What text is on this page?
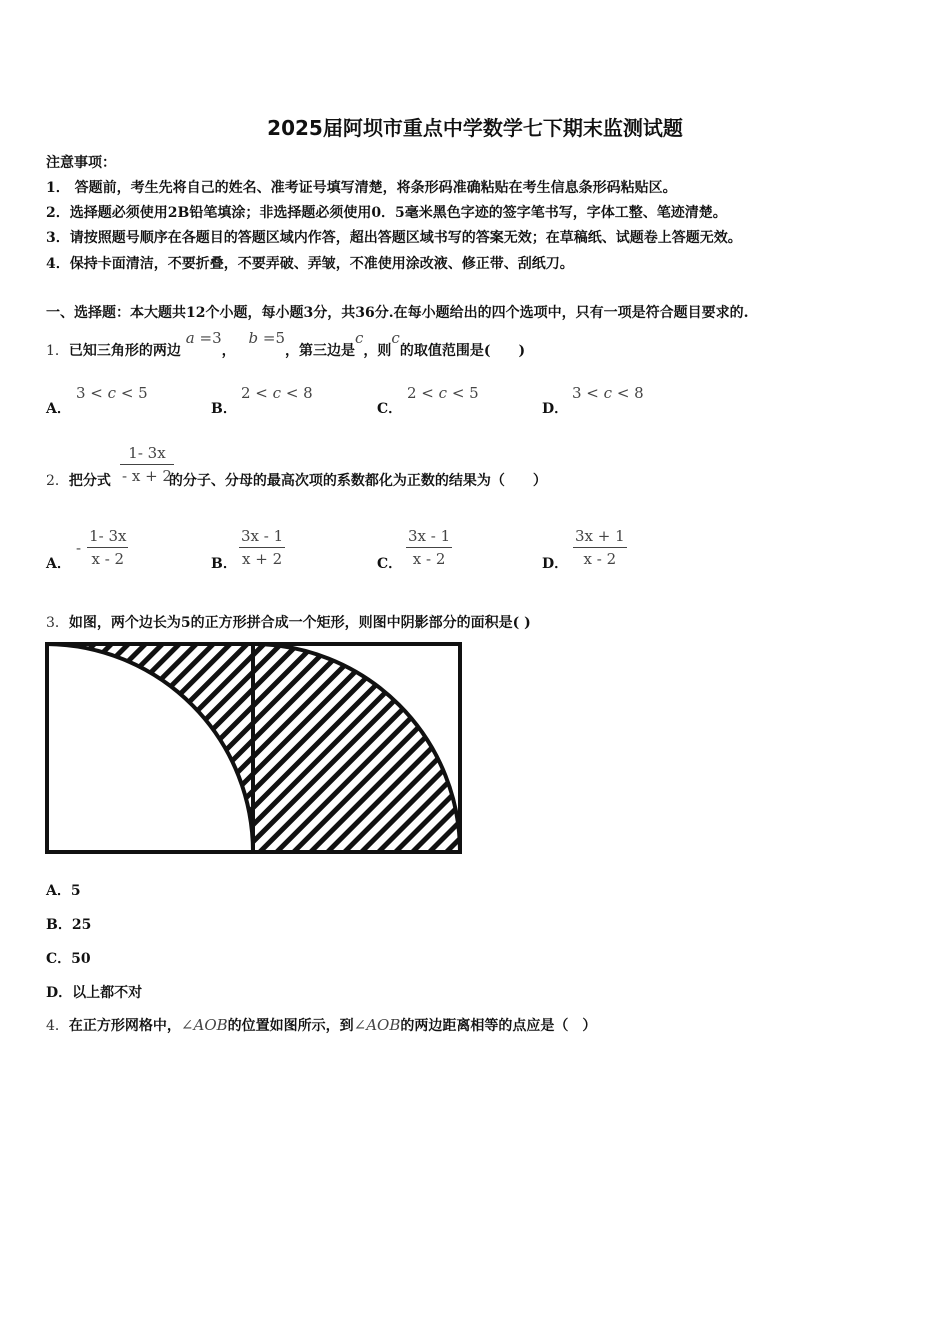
2025届阿坝市重点中学数学七下期末监测试题
注意事项：
1． 答题前，考生先将自己的姓名、准考证号填写清楚，将条形码准确粘贴在考生信息条形码粘贴区。
2．选择题必须使用2B铅笔填涂；非选择题必须使用0．5毫米黑色字迹的签字笔书写，字体工整、笔迹清楚。
3．请按照题号顺序在各题目的答题区域内作答，超出答题区域书写的答案无效；在草稿纸、试题卷上答题无效。
4．保持卡面清洁，不要折叠，不要弄破、弄皱，不准使用涂改液、修正带、刮纸刀。
一、选择题：本大题共12个小题，每小题3分，共36分.在每小题给出的四个选项中，只有一项是符合题目要求的.
1．已知三角形的两边 a =3， b =5，第三边是c，则c的取值范围是(　　)
A．
3 < c < 5
B．
2 < c < 8
C．
2 < c < 5
D．
3 < c < 8
2．把分式	的分子、分母的最高次项的系数都化为正数的结果为（　　）
$\frac{1- 3x}{- x + 2}$
A．
- $\frac{1- 3x}{x - 2}$	B． $\frac{3x - 1}{x + 2}$	C． $\frac{3x - 1}{x - 2}$	D． $\frac{3x + 1}{x - 2}$
3．如图，两个边长为5的正方形拼合成一个矩形，则图中阴影部分的面积是( )
A．5
B．25
C．50
D．以上都不对
4．在正方形网格中，∠AOB的位置如图所示，到∠AOB的两边距离相等的点应是（　）
